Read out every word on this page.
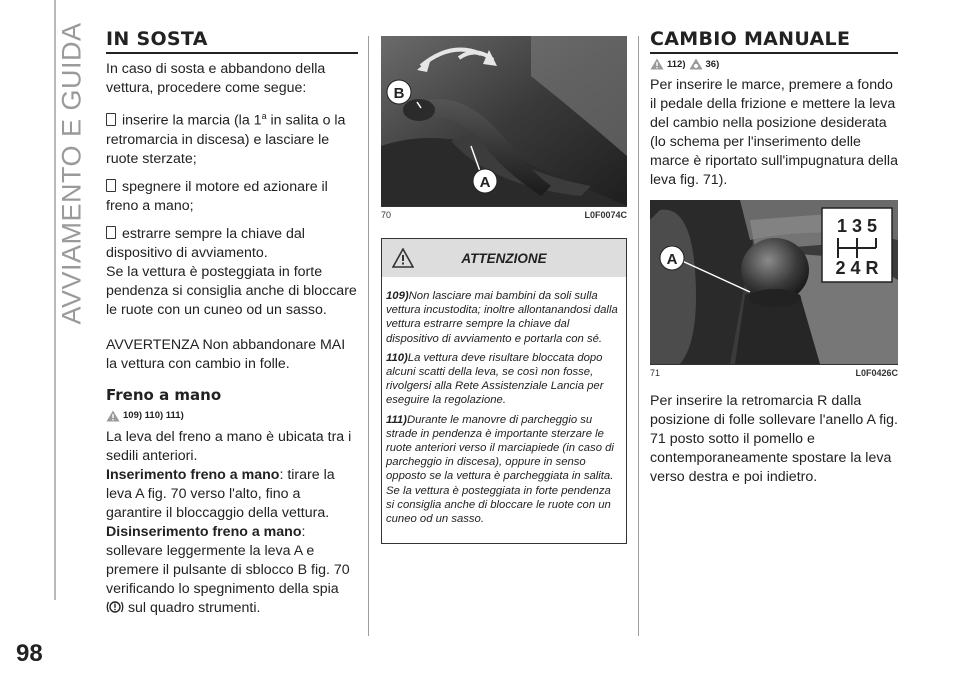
AVVIAMENTO E GUIDA
98
IN SOSTA

In caso di sosta e abbandono della vettura, procedere come segue:

inserire la marcia (la 1$^a$ in salita o la retromarcia in discesa) e lasciare le ruote sterzate;

spegnere il motore ed azionare il freno a mano;

estrarre sempre la chiave dal dispositivo di avviamento.

Se la vettura è posteggiata in forte pendenza si consiglia anche di bloccare le ruote con un cuneo od un sasso.

AVVERTENZA Non abbandonare MAI la vettura con cambio in folle.

Freno a mano
109) 110) 111)

La leva del freno a mano è ubicata tra i sedili anteriori.

Inserimento freno a mano: tirare la leva A fig. 70 verso l'alto, fino a garantire il bloccaggio della vettura.

Disinserimento freno a mano: sollevare leggermente la leva A e premere il pulsante di sblocco B fig. 70 verificando lo spegnimento della spia  sul quadro strumenti.

B
A
70	L0F0074C
ATTENZIONE

109)Non lasciare mai bambini da soli sulla vettura incustodita; inoltre allontanandosi dalla vettura estrarre sempre la chiave dal dispositivo di avviamento e portarla con sé.

110)La vettura deve risultare bloccata dopo alcuni scatti della leva, se così non fosse, rivolgersi alla Rete Assistenziale Lancia per eseguire la regolazione.

111)Durante le manovre di parcheggio su strade in pendenza è importante sterzare le ruote anteriori verso il marciapiede (in caso di parcheggio in discesa), oppure in senso opposto se la vettura è parcheggiata in salita. Se la vettura è posteggiata in forte pendenza si consiglia anche di bloccare le ruote con un cuneo od un sasso.

CAMBIO MANUALE
112) 36)

Per inserire le marce, premere a fondo il pedale della frizione e mettere la leva del cambio nella posizione desiderata (lo schema per l'inserimento delle marce è riportato sull'impugnatura della leva fig. 71).

A
1 3 5
2 4 R
71	L0F0426C

Per inserire la retromarcia R dalla posizione di folle sollevare l'anello A fig. 71 posto sotto il pomello e contemporaneamente spostare la leva verso destra e poi indietro.
